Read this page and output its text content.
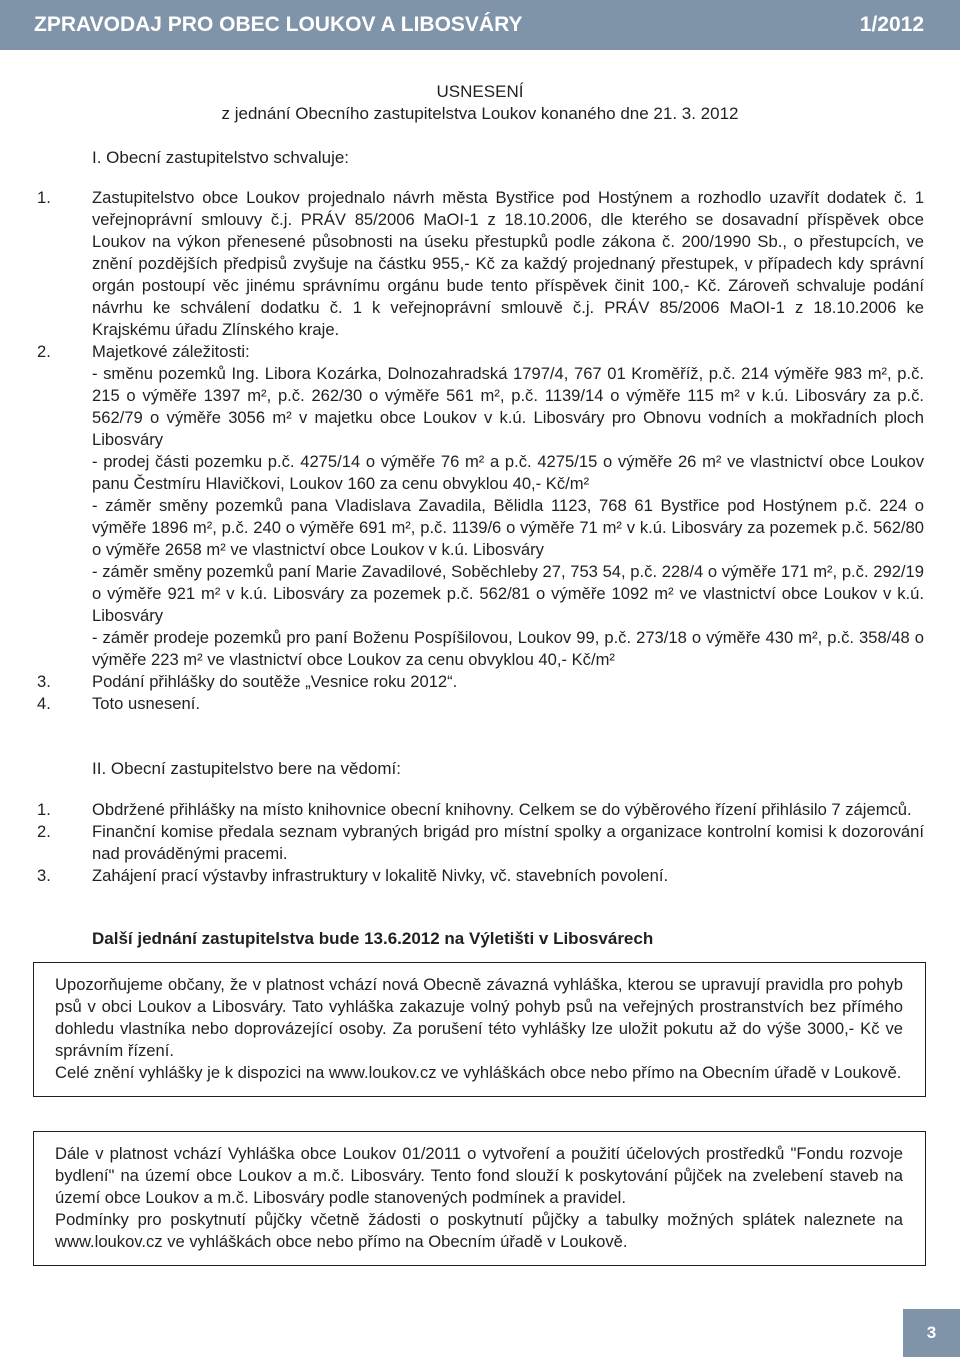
ZPRAVODAJ PRO OBEC LOUKOV A LIBOSVÁRY	1/2012
USNESENÍ
z jednání Obecního zastupitelstva Loukov konaného dne 21. 3. 2012
I. Obecní zastupitelstvo schvaluje:
1.	Zastupitelstvo obce Loukov projednalo návrh města Bystřice pod Hostýnem a rozhodlo uzavřít dodatek č. 1 veřejnoprávní smlouvy č.j. PRÁV 85/2006 MaOI-1 z 18.10.2006, dle kterého se dosavadní příspěvek obce Loukov na výkon přenesené působnosti na úseku přestupků podle zákona č. 200/1990 Sb., o přestupcích, ve znění pozdějších předpisů zvyšuje na částku 955,- Kč za každý projednaný přestupek, v případech kdy správní orgán postoupí věc jinému správnímu orgánu bude tento příspěvek činit 100,- Kč. Zároveň schvaluje podání návrhu ke schválení dodatku č. 1 k veřejnoprávní smlouvě č.j. PRÁV 85/2006 MaOI-1 z 18.10.2006 ke Krajskému úřadu Zlínského kraje.

2.	Majetkové záležitosti:

- směnu pozemků Ing. Libora Kozárka, Dolnozahradská 1797/4, 767 01 Kroměříž, p.č. 214 výměře 983 m², p.č. 215 o výměře 1397 m², p.č. 262/30 o výměře 561 m², p.č. 1139/14 o výměře 115 m² v k.ú. Libosváry za p.č. 562/79 o výměře 3056 m² v majetku obce Loukov v k.ú. Libosváry pro Obnovu vodních a mokřadních ploch Libosváry

- prodej části pozemku p.č. 4275/14 o výměře 76 m² a p.č. 4275/15 o výměře 26 m² ve vlastnictví obce Loukov panu Čestmíru Hlavičkovi, Loukov 160 za cenu obvyklou 40,- Kč/m²

- záměr směny pozemků pana Vladislava Zavadila, Bělidla 1123, 768 61 Bystřice pod Hostýnem p.č. 224 o výměře 1896 m², p.č. 240 o výměře 691 m², p.č. 1139/6 o výměře 71 m² v k.ú. Libosváry za pozemek p.č. 562/80 o výměře 2658 m² ve vlastnictví obce Loukov v k.ú. Libosváry

- záměr směny pozemků paní Marie Zavadilové, Soběchleby 27, 753 54, p.č. 228/4 o výměře 171 m², p.č. 292/19 o výměře 921 m² v k.ú. Libosváry za pozemek p.č. 562/81 o výměře 1092 m² ve vlastnictví obce Loukov v k.ú. Libosváry

- záměr prodeje pozemků pro paní Boženu Pospíšilovou, Loukov 99, p.č. 273/18 o výměře 430 m², p.č. 358/48 o výměře 223 m² ve vlastnictví obce Loukov za cenu obvyklou 40,- Kč/m²

3.	Podání přihlášky do soutěže „Vesnice roku 2012“.

4.	Toto usnesení.

II. Obecní zastupitelstvo bere na vědomí:
1.	Obdržené přihlášky na místo knihovnice obecní knihovny. Celkem se do výběrového řízení přihlásilo 7 zájemců.

2.	Finanční komise předala seznam vybraných brigád pro místní spolky a organizace kontrolní komisi k dozorování nad prováděnými pracemi.

3.	Zahájení prací výstavby infrastruktury v lokalitě Nivky, vč. stavebních povolení.

Další jednání zastupitelstva bude 13.6.2012 na Výletišti v Libosvárech

Upozorňujeme občany, že v platnost vchází nová Obecně závazná vyhláška, kterou se upravují pravidla pro pohyb psů v obci Loukov a Libosváry. Tato vyhláška zakazuje volný pohyb psů na veřejných prostranstvích bez přímého dohledu vlastníka nebo doprovázející osoby. Za porušení této vyhlášky lze uložit pokutu až do výše 3000,- Kč ve správním řízení.

Celé znění vyhlášky je k dispozici na www.loukov.cz ve vyhláškách obce nebo přímo na Obecním úřadě v Loukově.

Dále v platnost vchází Vyhláška obce Loukov 01/2011 o vytvoření a použití účelových prostředků "Fondu rozvoje bydlení" na území obce Loukov a m.č. Libosváry. Tento fond slouží k poskytování půjček na zvelebení staveb na území obce Loukov a m.č. Libosváry podle stanovených podmínek a pravidel.

Podmínky pro poskytnutí půjčky včetně žádosti o poskytnutí půjčky a tabulky možných splátek naleznete na www.loukov.cz ve vyhláškách obce nebo přímo na Obecním úřadě v Loukově.

3
